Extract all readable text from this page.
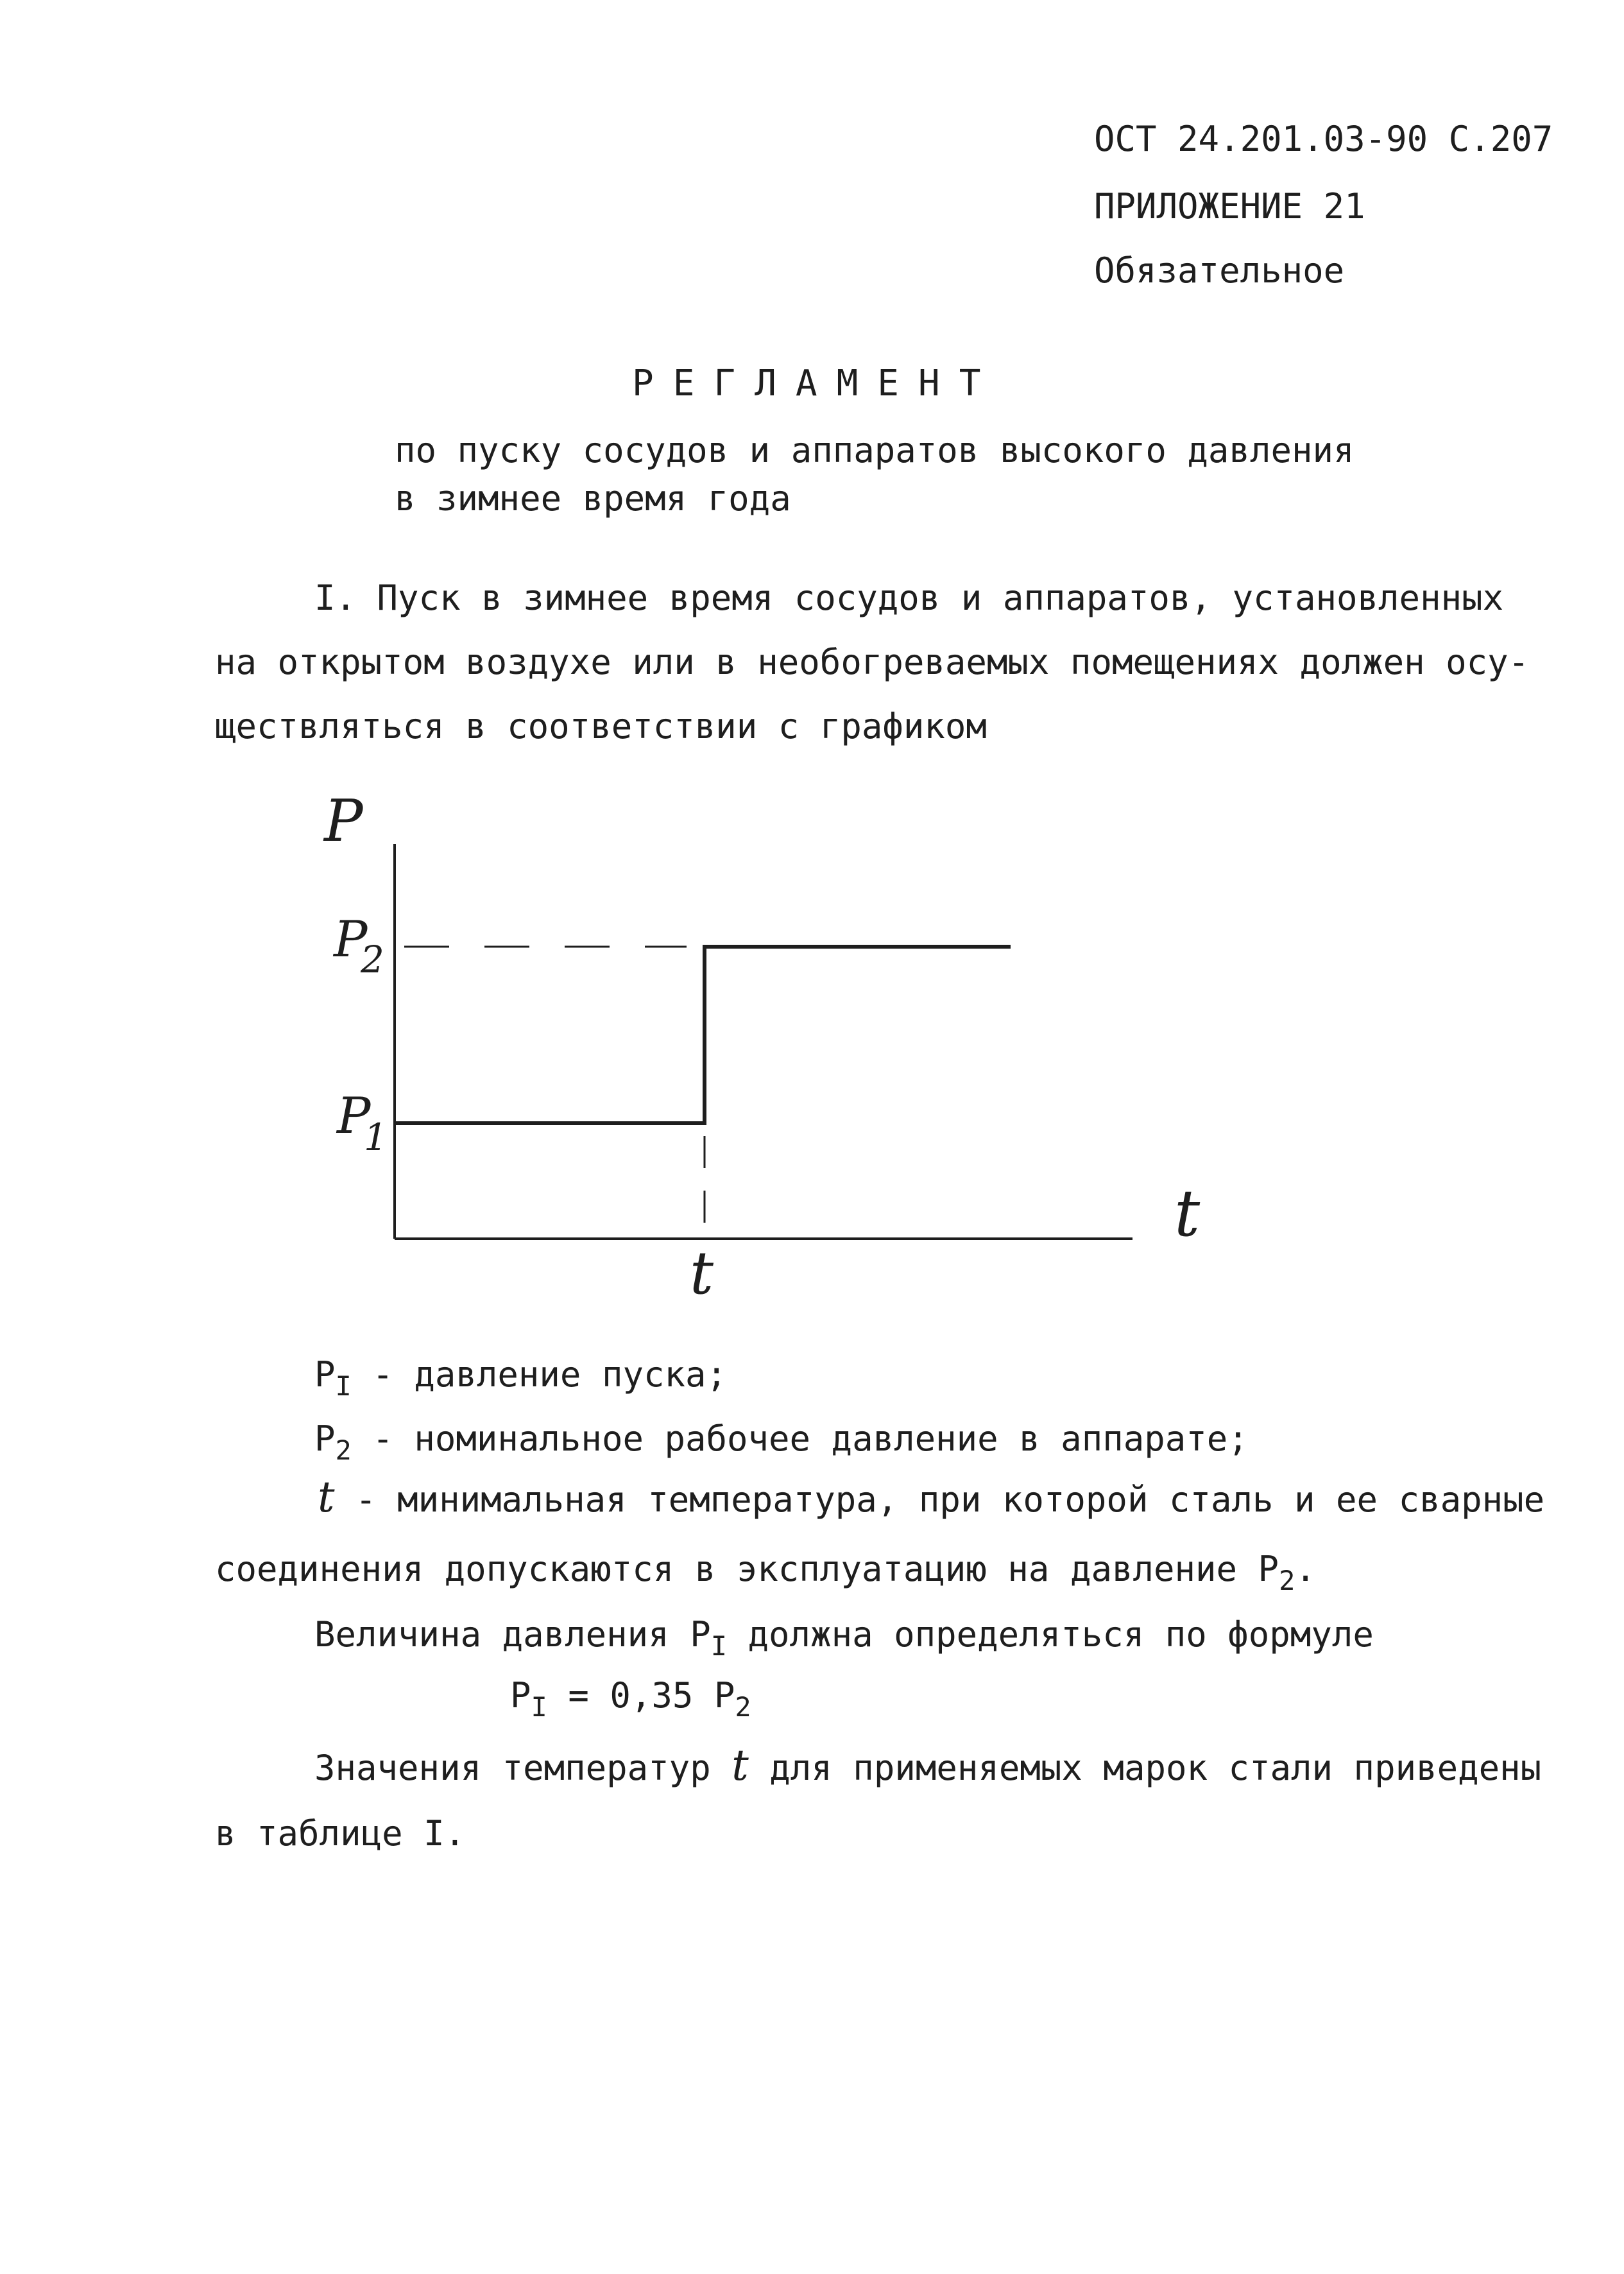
ОСТ 24.201.03-90 С.207
ПРИЛОЖЕНИЕ 21
Обязательное
РЕГЛАМЕНТ
по пуску сосудов и аппаратов высокого давления
в зимнее время года
I. Пуск в зимнее время сосудов и аппаратов, установленных
на открытом воздухе или в необогреваемых помещениях должен осу-
ществляться в соответствии с графиком
P
P
2
P
1
t
t
$P_I$ - давление пуска;
$P_2$ - номинальное рабочее давление в аппарате;
t - минимальная температура, при которой сталь и ее сварные
соединения допускаются в эксплуатацию на давление $P_2$.
Величина давления $P_I$ должна определяться по формуле
$P_I = 0,35$ $P_2$
Значения температур t для применяемых марок стали приведены
в таблице I.
